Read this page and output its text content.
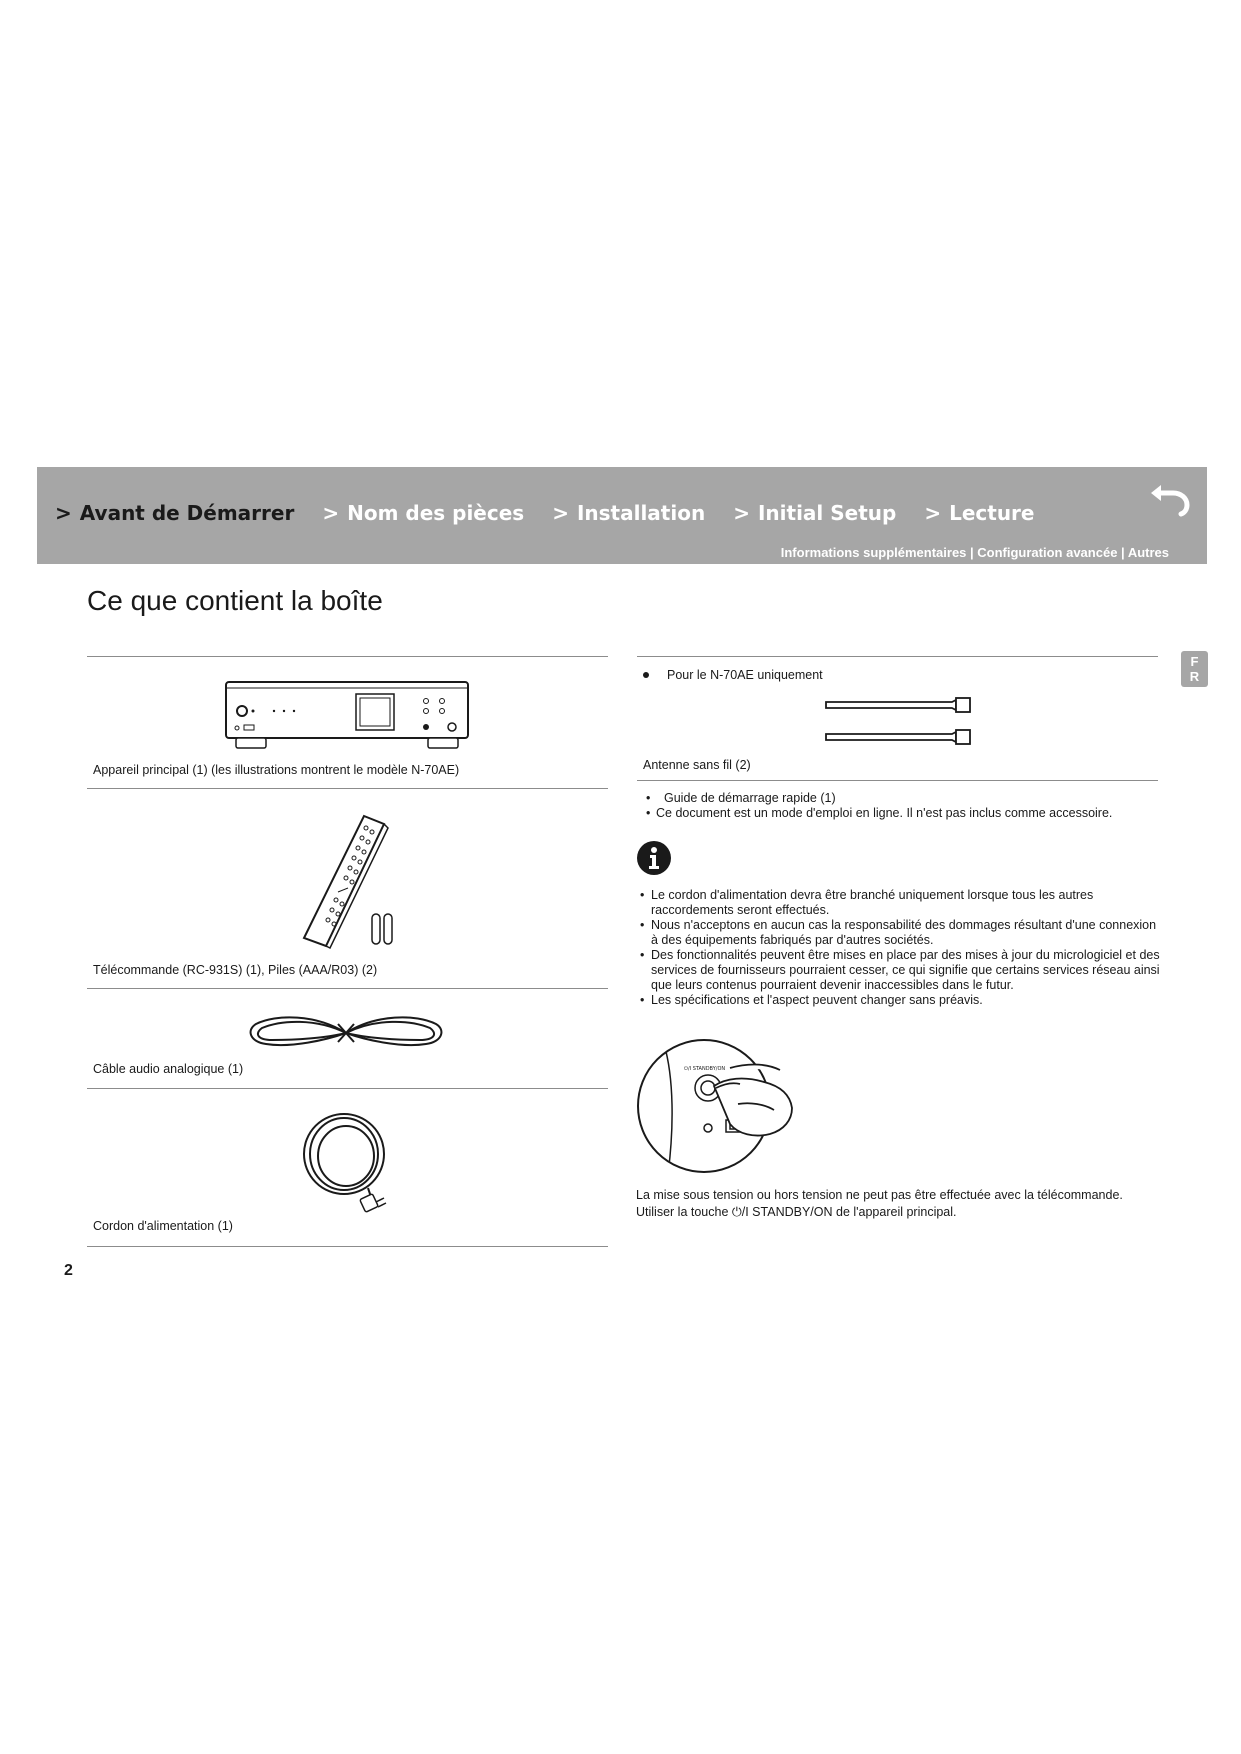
> Avant de Démarrer > Nom des pièces > Installation > Initial Setup > Lecture
Informations supplémentaires | Configuration avancée | Autres
Ce que contient la boîte
F
R
Appareil principal (1) (les illustrations montrent le modèle N-70AE)
Télécommande (RC-931S) (1), Piles (AAA/R03) (2)
Câble audio analogique (1)
Cordon d'alimentation (1)
Pour le N-70AE uniquement
Antenne sans fil (2)
• Guide de démarrage rapide (1)
• Ce document est un mode d'emploi en ligne. Il n'est pas inclus comme accessoire.
• Le cordon d'alimentation devra être branché uniquement lorsque tous les autres raccordements seront effectués.
• Nous n'acceptons en aucun cas la responsabilité des dommages résultant d'une connexion à des équipements fabriqués par d'autres sociétés.
• Des fonctionnalités peuvent être mises en place par des mises à jour du micrologiciel et des services de fournisseurs pourraient cesser, ce qui signifie que certains services réseau ainsi que leurs contenus pourraient devenir inaccessibles dans le futur.
• Les spécifications et l'aspect peuvent changer sans préavis.
⏻/I STANDBY/ON
La mise sous tension ou hors tension ne peut pas être effectuée avec la télécommande.
Utiliser la touche ⏻/I STANDBY/ON de l'appareil principal.
2
